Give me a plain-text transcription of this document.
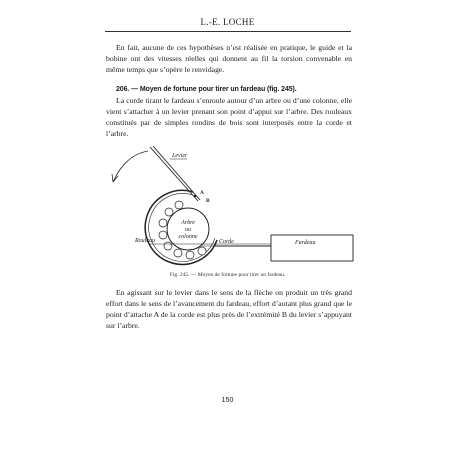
L.-E. LOCHE

En fait, aucune de ces hypothèses n’est réalisée en pratique, le guide et la bobine ont des vitesses réelles qui donnent au fil la torsion convenable en même temps que s’opère le renvidage.

206. — Moyen de fortune pour tirer un fardeau (fig. 245).

La corde tirant le fardeau s’enroule autour d’un arbre ou d’une colonne, elle vient s’attacher à un levier prenant son point d’appui sur l’arbre. Des rouleaux constitués par de simples rondins de bois sont interposés entre la corde et l’arbre.

Levier
Arbre
ou
colonne
A
B
Rouleau	Corde	Fardeau
Fig. 245. — Moyen de fortune pour tirer un fardeau.

En agissant sur le levier dans le sens de la flèche on produit un très grand effort dans le sens de l’avancement du fardeau, effort d’autant plus grand que le point d’attache A de la corde est plus près de l’extrémité B du levier s’appuyant sur l’arbre.

150
